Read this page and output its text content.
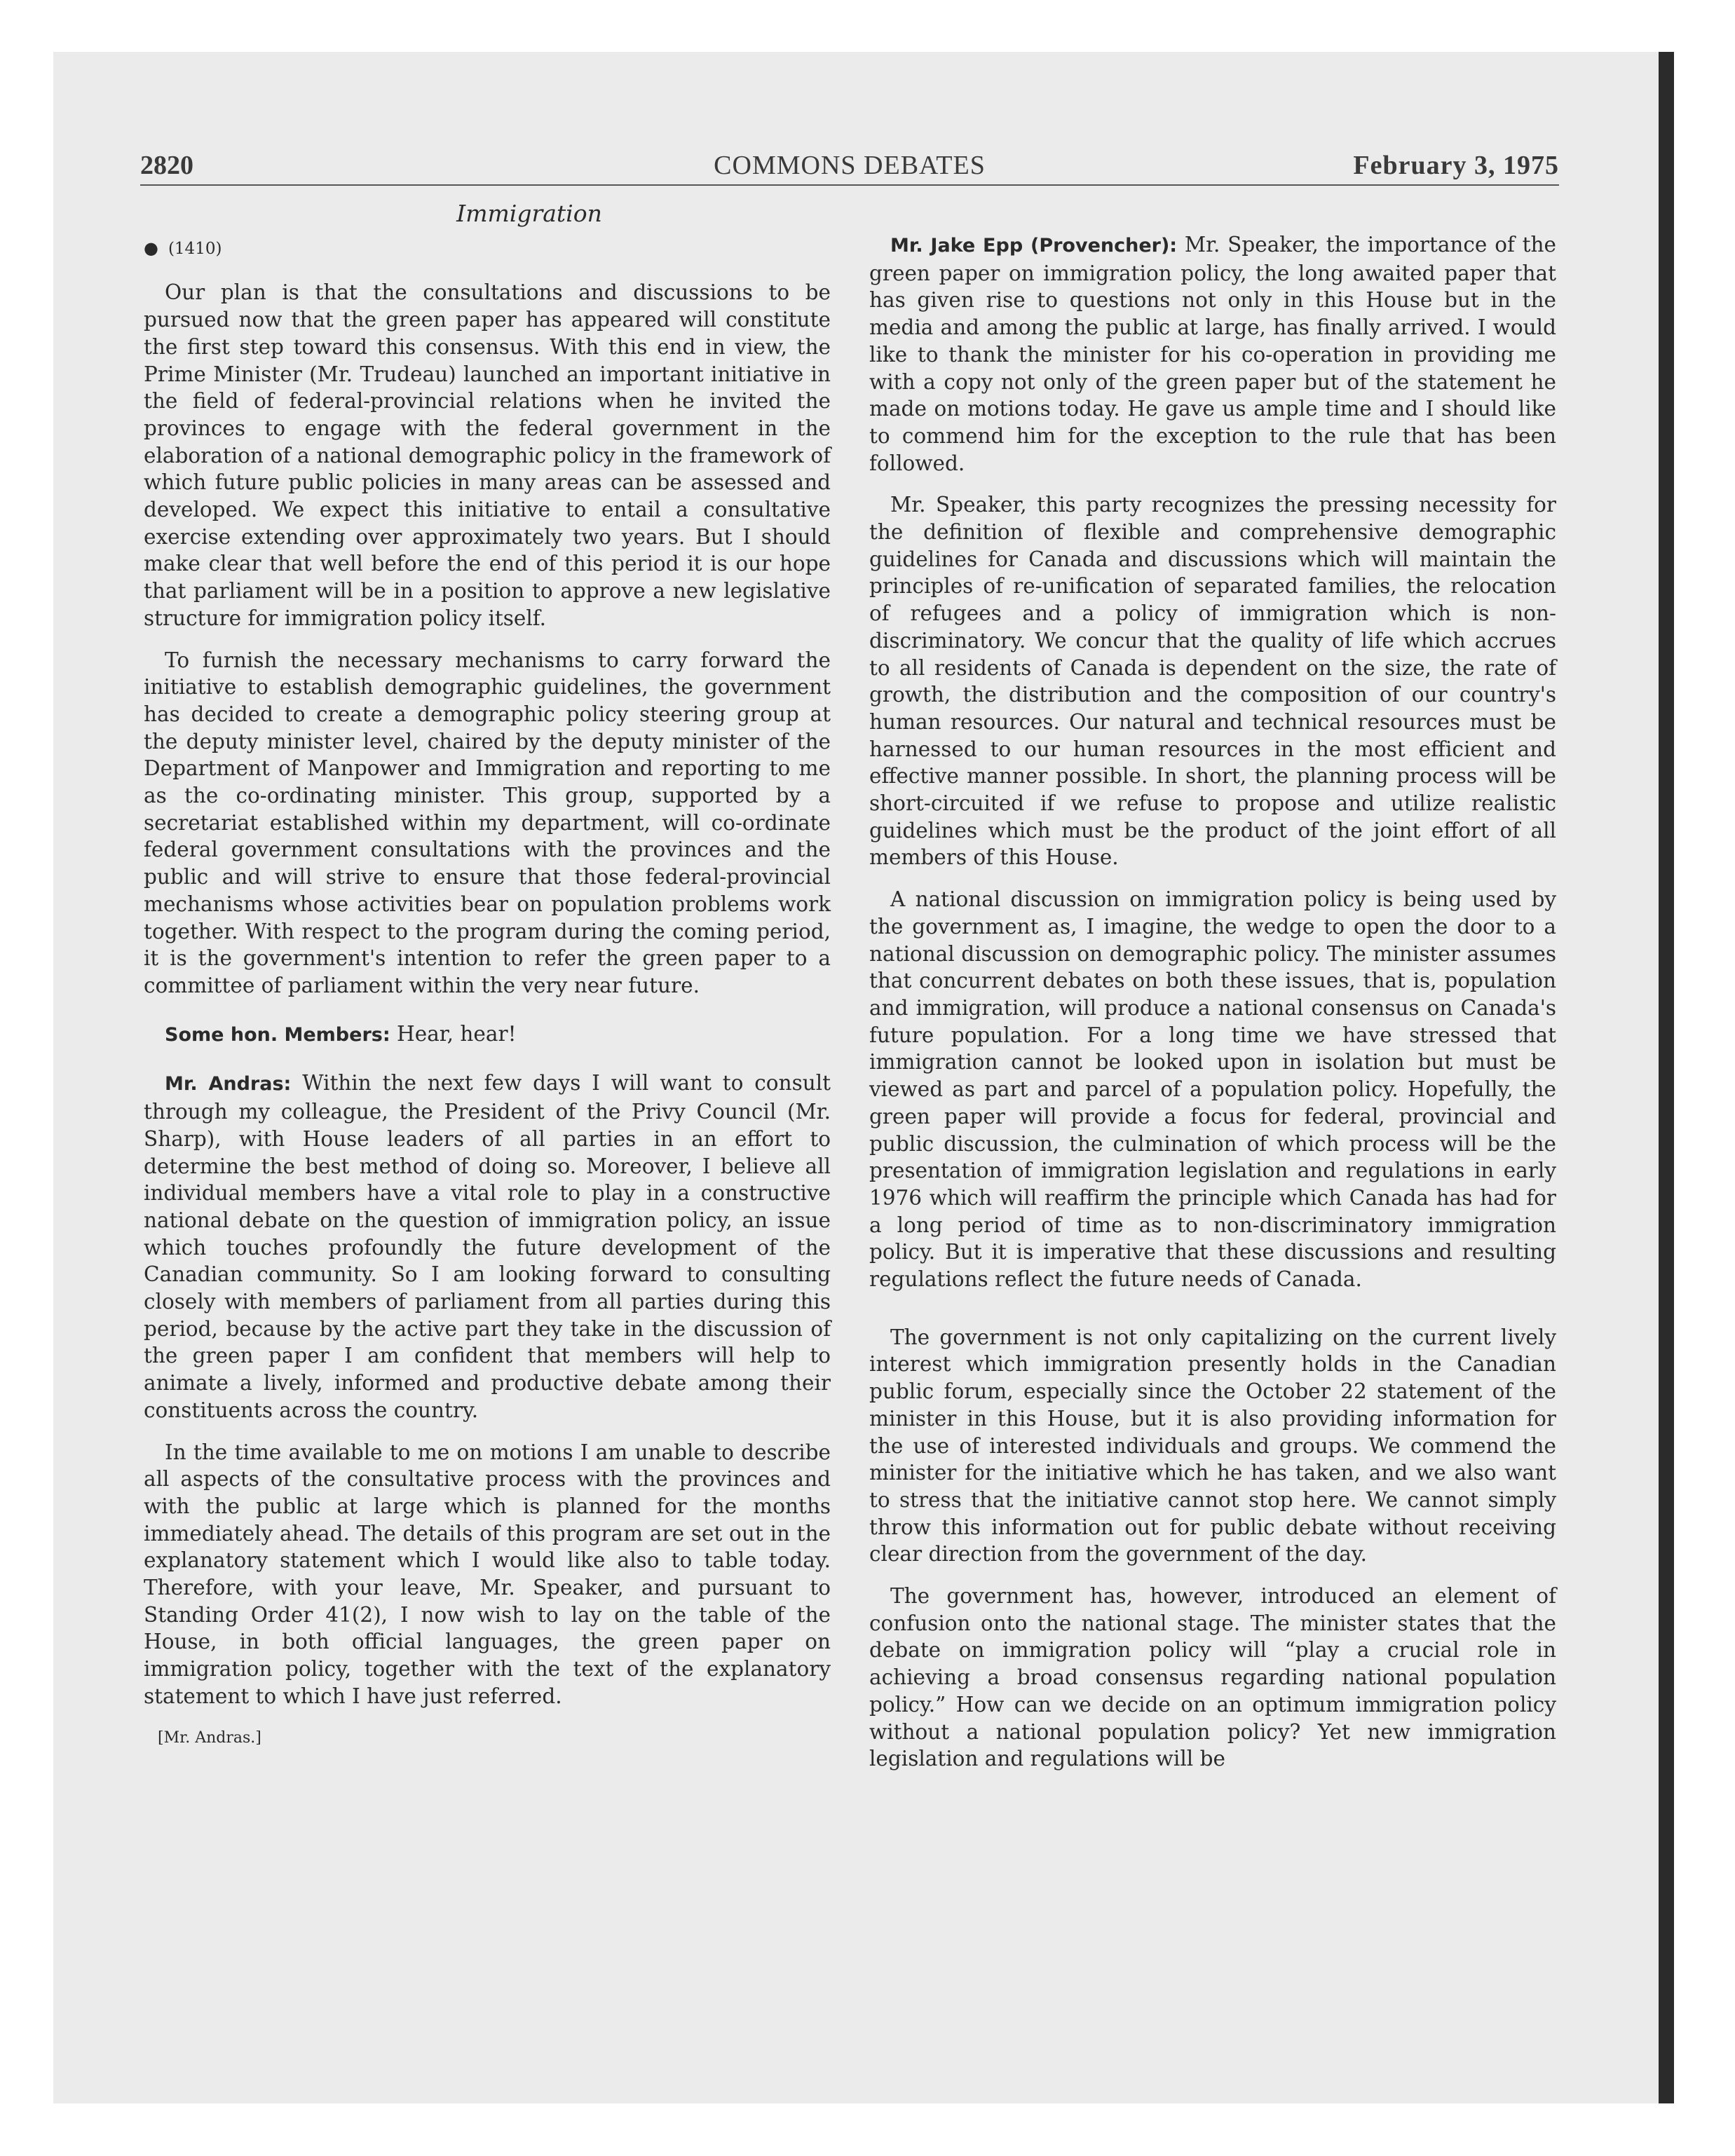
2820	COMMONS DEBATES	February 3, 1975
Immigration
● (1410)

Our plan is that the consultations and discussions to be pursued now that the green paper has appeared will constitute the first step toward this consensus. With this end in view, the Prime Minister (Mr. Trudeau) launched an important initiative in the field of federal-provincial relations when he invited the provinces to engage with the federal government in the elaboration of a national demographic policy in the framework of which future public policies in many areas can be assessed and developed. We expect this initiative to entail a consultative exercise extending over approximately two years. But I should make clear that well before the end of this period it is our hope that parliament will be in a position to approve a new legislative structure for immigration policy itself.

To furnish the necessary mechanisms to carry forward the initiative to establish demographic guidelines, the government has decided to create a demographic policy steering group at the deputy minister level, chaired by the deputy minister of the Department of Manpower and Immigration and reporting to me as the co-ordinating minister. This group, supported by a secretariat established within my department, will co-ordinate federal government consultations with the provinces and the public and will strive to ensure that those federal-provincial mechanisms whose activities bear on population problems work together. With respect to the program during the coming period, it is the government's intention to refer the green paper to a committee of parliament within the very near future.

Some hon. Members: Hear, hear!

Mr. Andras: Within the next few days I will want to consult through my colleague, the President of the Privy Council (Mr. Sharp), with House leaders of all parties in an effort to determine the best method of doing so. Moreover, I believe all individual members have a vital role to play in a constructive national debate on the question of immigration policy, an issue which touches profoundly the future development of the Canadian community. So I am looking forward to consulting closely with members of parliament from all parties during this period, because by the active part they take in the discussion of the green paper I am confident that members will help to animate a lively, informed and productive debate among their constituents across the country.

In the time available to me on motions I am unable to describe all aspects of the consultative process with the provinces and with the public at large which is planned for the months immediately ahead. The details of this program are set out in the explanatory statement which I would like also to table today. Therefore, with your leave, Mr. Speaker, and pursuant to Standing Order 41(2), I now wish to lay on the table of the House, in both official languages, the green paper on immigration policy, together with the text of the explanatory statement to which I have just referred.

[Mr. Andras.]

Mr. Jake Epp (Provencher): Mr. Speaker, the importance of the green paper on immigration policy, the long awaited paper that has given rise to questions not only in this House but in the media and among the public at large, has finally arrived. I would like to thank the minister for his co-operation in providing me with a copy not only of the green paper but of the statement he made on motions today. He gave us ample time and I should like to commend him for the exception to the rule that has been followed.

Mr. Speaker, this party recognizes the pressing necessity for the definition of flexible and comprehensive demographic guidelines for Canada and discussions which will maintain the principles of re-unification of separated families, the relocation of refugees and a policy of immigration which is non-discriminatory. We concur that the quality of life which accrues to all residents of Canada is dependent on the size, the rate of growth, the distribution and the composition of our country's human resources. Our natural and technical resources must be harnessed to our human resources in the most efficient and effective manner possible. In short, the planning process will be short-circuited if we refuse to propose and utilize realistic guidelines which must be the product of the joint effort of all members of this House.

A national discussion on immigration policy is being used by the government as, I imagine, the wedge to open the door to a national discussion on demographic policy. The minister assumes that concurrent debates on both these issues, that is, population and immigration, will produce a national consensus on Canada's future population. For a long time we have stressed that immigration cannot be looked upon in isolation but must be viewed as part and parcel of a population policy. Hopefully, the green paper will provide a focus for federal, provincial and public discussion, the culmination of which process will be the presentation of immigration legislation and regulations in early 1976 which will reaffirm the principle which Canada has had for a long period of time as to non-discriminatory immigration policy. But it is imperative that these discussions and resulting regulations reflect the future needs of Canada.

The government is not only capitalizing on the current lively interest which immigration presently holds in the Canadian public forum, especially since the October 22 statement of the minister in this House, but it is also providing information for the use of interested individuals and groups. We commend the minister for the initiative which he has taken, and we also want to stress that the initiative cannot stop here. We cannot simply throw this information out for public debate without receiving clear direction from the government of the day.

The government has, however, introduced an element of confusion onto the national stage. The minister states that the debate on immigration policy will “play a crucial role in achieving a broad consensus regarding national population policy.” How can we decide on an optimum immigration policy without a national population policy? Yet new immigration legislation and regulations will be
